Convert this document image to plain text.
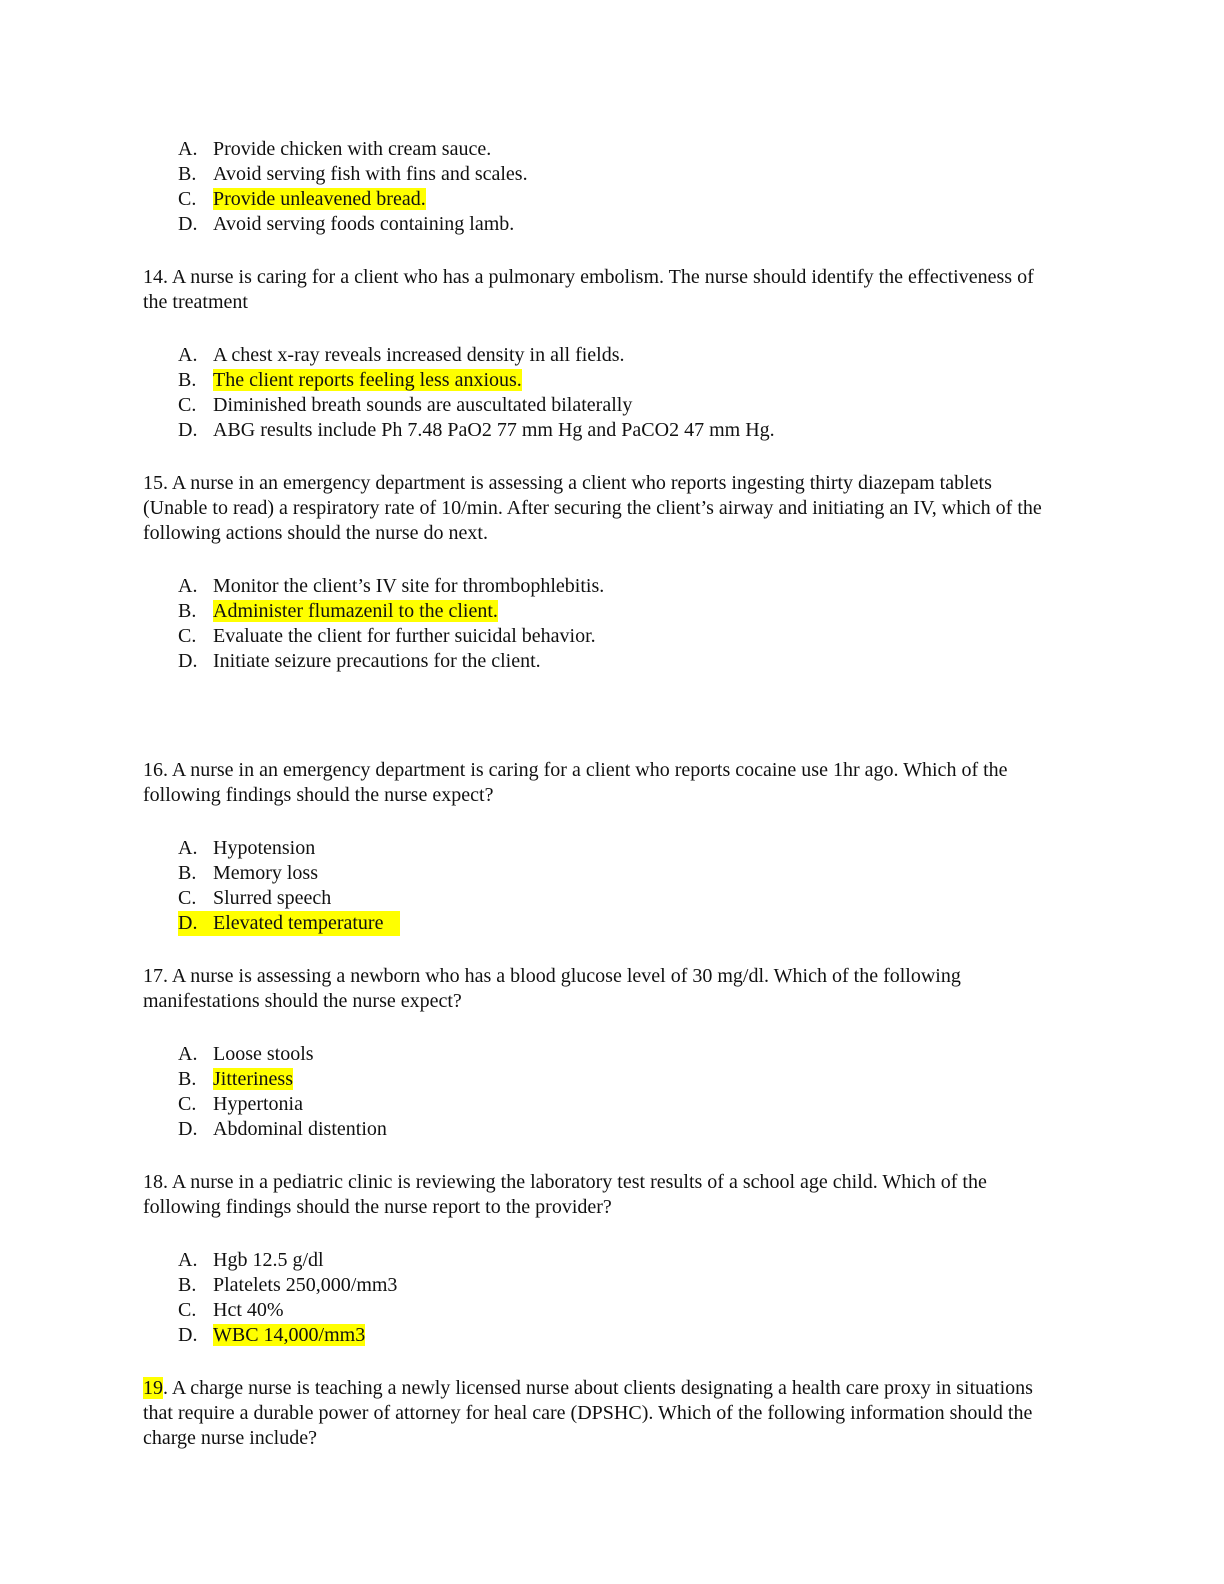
A. Provide chicken with cream sauce.
B. Avoid serving fish with fins and scales.
C. Provide unleavened bread.
D. Avoid serving foods containing lamb.

14. A nurse is caring for a client who has a pulmonary embolism. The nurse should identify the effectiveness of the treatment

A. A chest x-ray reveals increased density in all fields.
B. The client reports feeling less anxious.
C. Diminished breath sounds are auscultated bilaterally
D. ABG results include Ph 7.48 PaO2 77 mm Hg and PaCO2 47 mm Hg.

15. A nurse in an emergency department is assessing a client who reports ingesting thirty diazepam tablets (Unable to read) a respiratory rate of 10/min. After securing the client’s airway and initiating an IV, which of the following actions should the nurse do next.

A. Monitor the client’s IV site for thrombophlebitis.
B. Administer flumazenil to the client.
C. Evaluate the client for further suicidal behavior.
D. Initiate seizure precautions for the client.

16. A nurse in an emergency department is caring for a client who reports cocaine use 1hr ago. Which of the following findings should the nurse expect?

A. Hypotension
B. Memory loss
C. Slurred speech
D. Elevated temperature

17. A nurse is assessing a newborn who has a blood glucose level of 30 mg/dl. Which of the following manifestations should the nurse expect?

A. Loose stools
B. Jitteriness
C. Hypertonia
D. Abdominal distention

18. A nurse in a pediatric clinic is reviewing the laboratory test results of a school age child. Which of the following findings should the nurse report to the provider?

A. Hgb 12.5 g/dl
B. Platelets 250,000/mm3
C. Hct 40%
D. WBC 14,000/mm3

19. A charge nurse is teaching a newly licensed nurse about clients designating a health care proxy in situations that require a durable power of attorney for heal care (DPSHC). Which of the following information should the charge nurse include?
